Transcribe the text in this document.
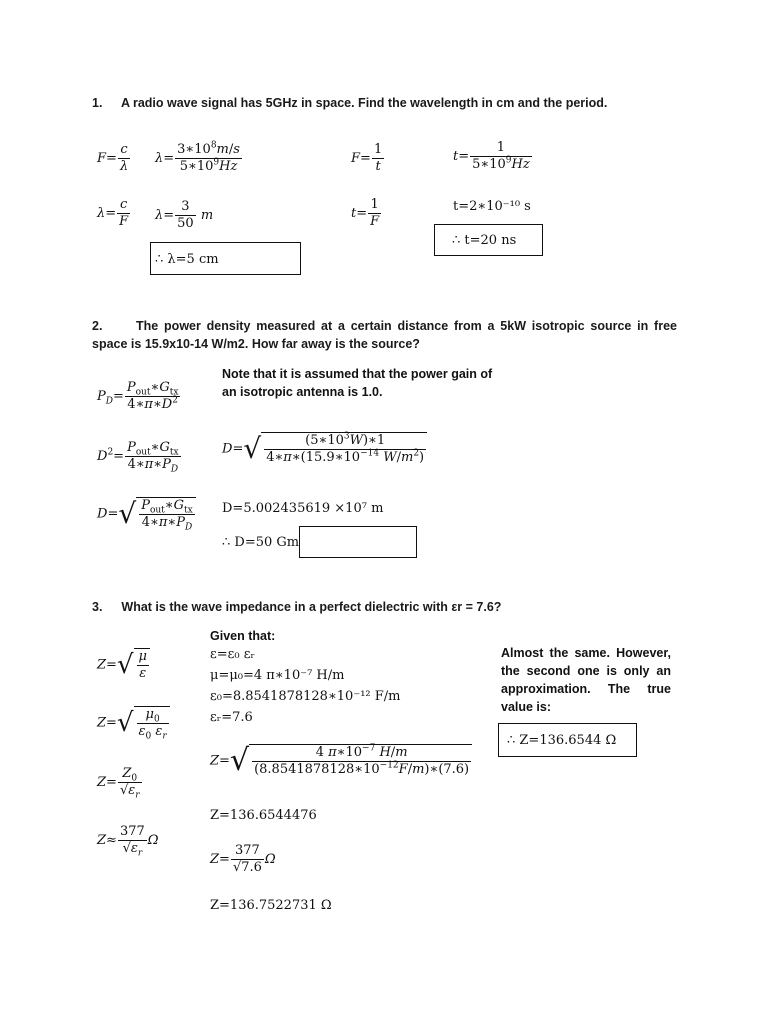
1. A radio wave signal has 5GHz in space. Find the wavelength in cm and the period.
$F= \frac{c}{\lambda} \lambda= \frac{3∗10^8m/s}{5∗10^9Hz}$	$F= \frac{1}{t}$	$t= \frac{1}{5∗10^9Hz}$
$\lambda= \frac{c}{F} \lambda= \frac{3}{50}$ m	$t= \frac{1}{F}$	t=2∗10⁻¹⁰ s
∴ t=20 ns
∴ λ=5 cm
2.	The power density measured at a certain distance from a 5kW isotropic source in free space is 15.9x10-14 W/m2. How far away is the source?
Note that it is assumed that the power gain of an isotropic antenna is 1.0.
$P_D= \frac{P_{out}∗G_{tx}}{4∗\pi∗D^2}$
$D^2= \frac{P_{out}∗G_{tx}}{4∗\pi∗P_D}$	$D=√ \frac{(5∗10^3W)∗1}{4∗\pi∗(15.9∗10^{-14} W/m^2)}$
$D=√ \frac{P_{out}∗G_{tx}}{4∗\pi∗P_D} D=5.002435619 \times 10^7$ m
∴ D=50 Gm
3. What is the wave impedance in a perfect dielectric with εr = 7.6?
Given that:
ε=ε₀ εᵣ
μ=μ₀=4 π∗10⁻⁷ H/m
ε₀=8.8541878128∗10⁻¹² F/m
εᵣ=7.6
Almost the same. However, the second one is only an approximation. The true value is:
∴ Z=136.6544 Ω
$Z=√ \frac{\mu}{\varepsilon}$
$Z=√ \frac{\mu_0}{\varepsilon_0 \varepsilon_r}$
$Z= \frac{Z_0}{√\varepsilon_r}$
$Z\approx \frac{377}{√\varepsilon_r}$ Ω
$Z=√ \frac{4 \pi∗10^{-7} H/m}{(8.8541878128∗10^{-12}F/m)∗(7.6)}$
Z=136.6544476
$Z= \frac{377}{√7.6}$ Ω
Z=136.7522731 Ω
